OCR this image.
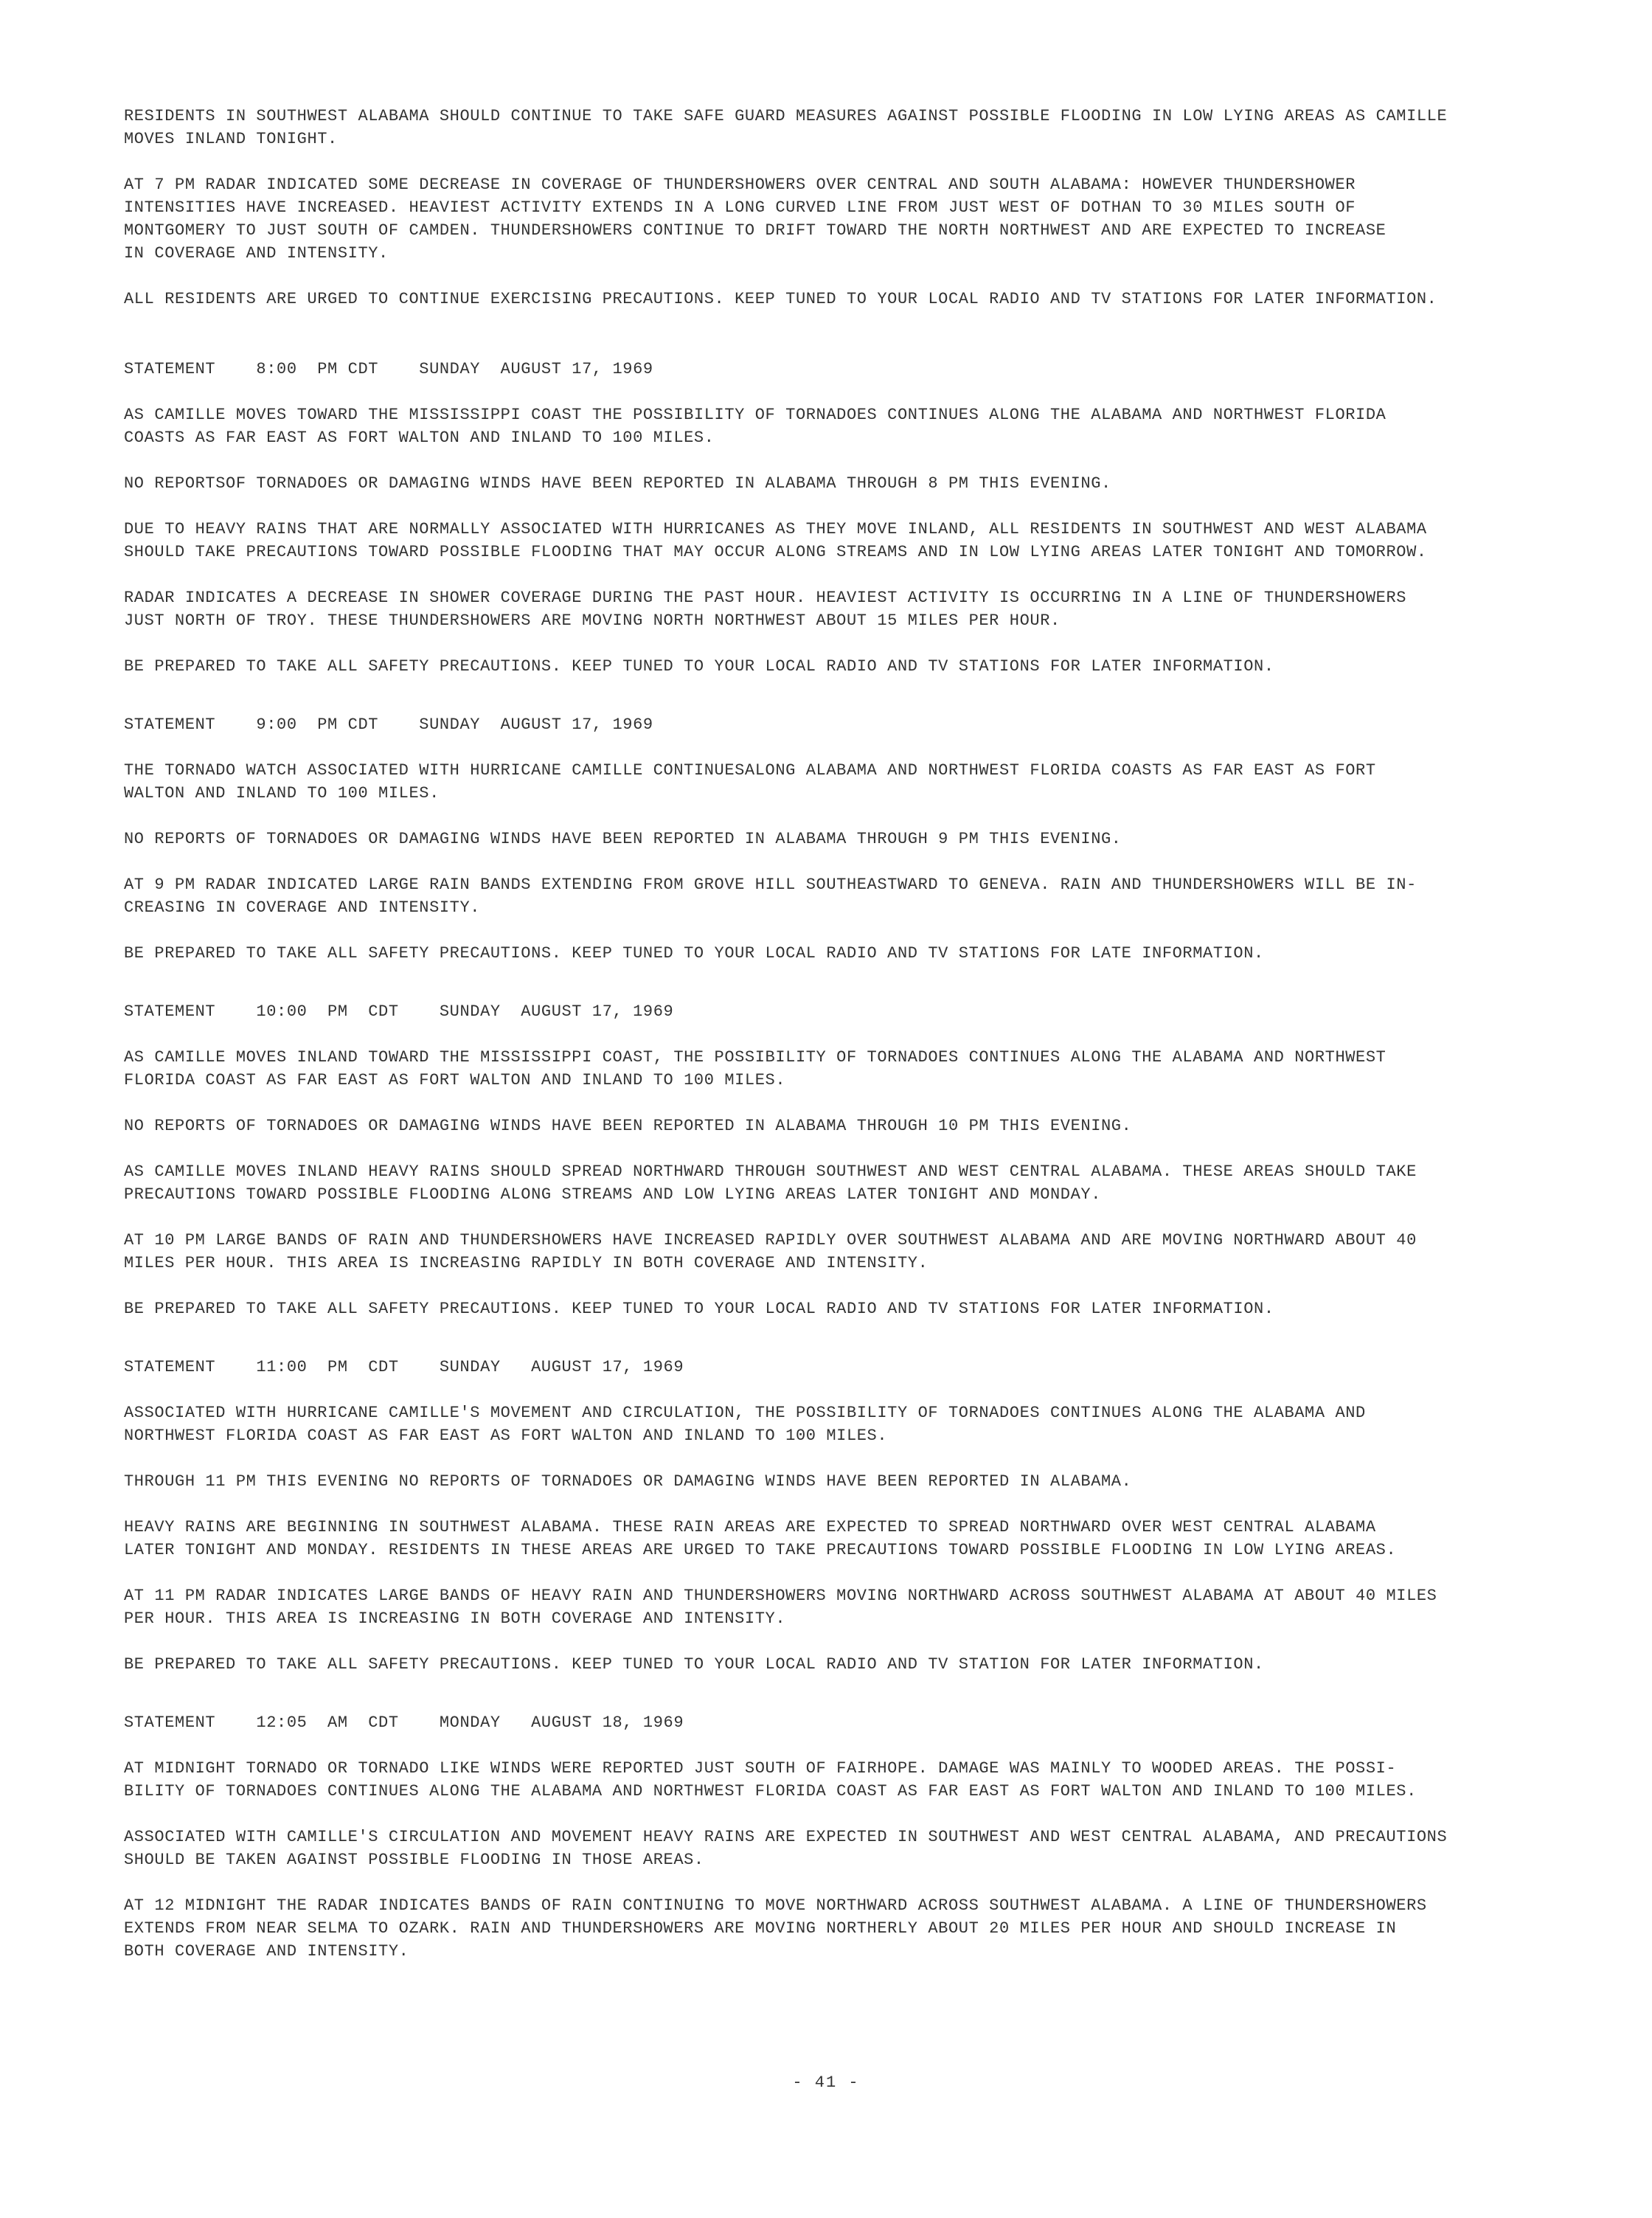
RESIDENTS IN SOUTHWEST ALABAMA SHOULD CONTINUE TO TAKE SAFE GUARD MEASURES AGAINST POSSIBLE FLOODING IN LOW LYING AREAS AS CAMILLE
MOVES INLAND TONIGHT.

AT 7 PM RADAR INDICATED SOME DECREASE IN COVERAGE OF THUNDERSHOWERS OVER CENTRAL AND SOUTH ALABAMA: HOWEVER THUNDERSHOWER
INTENSITIES HAVE INCREASED. HEAVIEST ACTIVITY EXTENDS IN A LONG CURVED LINE FROM JUST WEST OF DOTHAN TO 30 MILES SOUTH OF
MONTGOMERY TO JUST SOUTH OF CAMDEN. THUNDERSHOWERS CONTINUE TO DRIFT TOWARD THE NORTH NORTHWEST AND ARE EXPECTED TO INCREASE
IN COVERAGE AND INTENSITY.

ALL RESIDENTS ARE URGED TO CONTINUE EXERCISING PRECAUTIONS. KEEP TUNED TO YOUR LOCAL RADIO AND TV STATIONS FOR LATER INFORMATION.

STATEMENT    8:00  PM CDT    SUNDAY  AUGUST 17, 1969

AS CAMILLE MOVES TOWARD THE MISSISSIPPI COAST THE POSSIBILITY OF TORNADOES CONTINUES ALONG THE ALABAMA AND NORTHWEST FLORIDA
COASTS AS FAR EAST AS FORT WALTON AND INLAND TO 100 MILES.

NO REPORTSOF TORNADOES OR DAMAGING WINDS HAVE BEEN REPORTED IN ALABAMA THROUGH 8 PM THIS EVENING.

DUE TO HEAVY RAINS THAT ARE NORMALLY ASSOCIATED WITH HURRICANES AS THEY MOVE INLAND, ALL RESIDENTS IN SOUTHWEST AND WEST ALABAMA
SHOULD TAKE PRECAUTIONS TOWARD POSSIBLE FLOODING THAT MAY OCCUR ALONG STREAMS AND IN LOW LYING AREAS LATER TONIGHT AND TOMORROW.

RADAR INDICATES A DECREASE IN SHOWER COVERAGE DURING THE PAST HOUR. HEAVIEST ACTIVITY IS OCCURRING IN A LINE OF THUNDERSHOWERS
JUST NORTH OF TROY. THESE THUNDERSHOWERS ARE MOVING NORTH NORTHWEST ABOUT 15 MILES PER HOUR.

BE PREPARED TO TAKE ALL SAFETY PRECAUTIONS. KEEP TUNED TO YOUR LOCAL RADIO AND TV STATIONS FOR LATER INFORMATION.

STATEMENT    9:00  PM CDT    SUNDAY  AUGUST 17, 1969

THE TORNADO WATCH ASSOCIATED WITH HURRICANE CAMILLE CONTINUESALONG ALABAMA AND NORTHWEST FLORIDA COASTS AS FAR EAST AS FORT
WALTON AND INLAND TO 100 MILES.

NO REPORTS OF TORNADOES OR DAMAGING WINDS HAVE BEEN REPORTED IN ALABAMA THROUGH 9 PM THIS EVENING.

AT 9 PM RADAR INDICATED LARGE RAIN BANDS EXTENDING FROM GROVE HILL SOUTHEASTWARD TO GENEVA. RAIN AND THUNDERSHOWERS WILL BE IN-
CREASING IN COVERAGE AND INTENSITY.

BE PREPARED TO TAKE ALL SAFETY PRECAUTIONS. KEEP TUNED TO YOUR LOCAL RADIO AND TV STATIONS FOR LATE INFORMATION.

STATEMENT    10:00  PM  CDT    SUNDAY  AUGUST 17, 1969

AS CAMILLE MOVES INLAND TOWARD THE MISSISSIPPI COAST, THE POSSIBILITY OF TORNADOES CONTINUES ALONG THE ALABAMA AND NORTHWEST
FLORIDA COAST AS FAR EAST AS FORT WALTON AND INLAND TO 100 MILES.

NO REPORTS OF TORNADOES OR DAMAGING WINDS HAVE BEEN REPORTED IN ALABAMA THROUGH 10 PM THIS EVENING.

AS CAMILLE MOVES INLAND HEAVY RAINS SHOULD SPREAD NORTHWARD THROUGH SOUTHWEST AND WEST CENTRAL ALABAMA. THESE AREAS SHOULD TAKE
PRECAUTIONS TOWARD POSSIBLE FLOODING ALONG STREAMS AND LOW LYING AREAS LATER TONIGHT AND MONDAY.

AT 10 PM LARGE BANDS OF RAIN AND THUNDERSHOWERS HAVE INCREASED RAPIDLY OVER SOUTHWEST ALABAMA AND ARE MOVING NORTHWARD ABOUT 40
MILES PER HOUR. THIS AREA IS INCREASING RAPIDLY IN BOTH COVERAGE AND INTENSITY.

BE PREPARED TO TAKE ALL SAFETY PRECAUTIONS. KEEP TUNED TO YOUR LOCAL RADIO AND TV STATIONS FOR LATER INFORMATION.

STATEMENT    11:00  PM  CDT    SUNDAY   AUGUST 17, 1969

ASSOCIATED WITH HURRICANE CAMILLE'S MOVEMENT AND CIRCULATION, THE POSSIBILITY OF TORNADOES CONTINUES ALONG THE ALABAMA AND
NORTHWEST FLORIDA COAST AS FAR EAST AS FORT WALTON AND INLAND TO 100 MILES.

THROUGH 11 PM THIS EVENING NO REPORTS OF TORNADOES OR DAMAGING WINDS HAVE BEEN REPORTED IN ALABAMA.

HEAVY RAINS ARE BEGINNING IN SOUTHWEST ALABAMA. THESE RAIN AREAS ARE EXPECTED TO SPREAD NORTHWARD OVER WEST CENTRAL ALABAMA
LATER TONIGHT AND MONDAY. RESIDENTS IN THESE AREAS ARE URGED TO TAKE PRECAUTIONS TOWARD POSSIBLE FLOODING IN LOW LYING AREAS.

AT 11 PM RADAR INDICATES LARGE BANDS OF HEAVY RAIN AND THUNDERSHOWERS MOVING NORTHWARD ACROSS SOUTHWEST ALABAMA AT ABOUT 40 MILES
PER HOUR. THIS AREA IS INCREASING IN BOTH COVERAGE AND INTENSITY.

BE PREPARED TO TAKE ALL SAFETY PRECAUTIONS. KEEP TUNED TO YOUR LOCAL RADIO AND TV STATION FOR LATER INFORMATION.

STATEMENT    12:05  AM  CDT    MONDAY   AUGUST 18, 1969

AT MIDNIGHT TORNADO OR TORNADO LIKE WINDS WERE REPORTED JUST SOUTH OF FAIRHOPE. DAMAGE WAS MAINLY TO WOODED AREAS. THE POSSI-
BILITY OF TORNADOES CONTINUES ALONG THE ALABAMA AND NORTHWEST FLORIDA COAST AS FAR EAST AS FORT WALTON AND INLAND TO 100 MILES.

ASSOCIATED WITH CAMILLE'S CIRCULATION AND MOVEMENT HEAVY RAINS ARE EXPECTED IN SOUTHWEST AND WEST CENTRAL ALABAMA, AND PRECAUTIONS
SHOULD BE TAKEN AGAINST POSSIBLE FLOODING IN THOSE AREAS.

AT 12 MIDNIGHT THE RADAR INDICATES BANDS OF RAIN CONTINUING TO MOVE NORTHWARD ACROSS SOUTHWEST ALABAMA. A LINE OF THUNDERSHOWERS
EXTENDS FROM NEAR SELMA TO OZARK. RAIN AND THUNDERSHOWERS ARE MOVING NORTHERLY ABOUT 20 MILES PER HOUR AND SHOULD INCREASE IN
BOTH COVERAGE AND INTENSITY.

- 41 -
